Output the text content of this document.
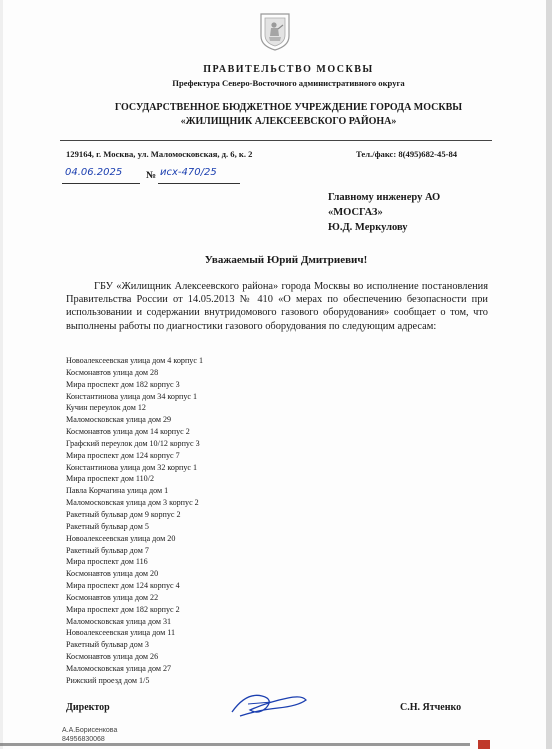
ПРАВИТЕЛЬСТВО МОСКВЫ
Префектура Северо-Восточного административного округа
ГОСУДАРСТВЕННОЕ БЮДЖЕТНОЕ УЧРЕЖДЕНИЕ ГОРОДА МОСКВЫ
«ЖИЛИЩНИК АЛЕКСЕЕВСКОГО РАЙОНА»
129164, г. Москва, ул. Маломосковская, д. 6, к. 2	Тел./факс: 8(495)682-45-84
04.06.2025 № исх-470/25
Главному инженеру АО
«МОСГАЗ»
Ю.Д. Меркулову
Уважаемый Юрий Дмитриевич!
ГБУ «Жилищник Алексеевского района» города Москвы во исполнение постановления Правительства России от 14.05.2013 № 410 «О мерах по обеспечению безопасности при использовании и содержании внутридомового газового оборудования» сообщает о том, что выполнены работы по диагностики газового оборудования по следующим адресам:
Новоалексеевская улица дом 4 корпус 1
Космонавтов улица дом 28
Мира проспект дом 182 корпус 3
Константинова улица дом 34 корпус 1
Кучин переулок дом 12
Маломосковская улица дом 29
Космонавтов улица дом 14 корпус 2
Графский переулок дом 10/12 корпус 3
Мира проспект дом 124 корпус 7
Константинова улица дом 32 корпус 1
Мира проспект дом 110/2
Павла Корчагина улица дом 1
Маломосковская улица дом 3 корпус 2
Ракетный бульвар дом 9 корпус 2
Ракетный бульвар дом 5
Новоалексеевская улица дом 20
Ракетный бульвар дом 7
Мира проспект дом 116
Космонавтов улица дом 20
Мира проспект дом 124 корпус 4
Космонавтов улица дом 22
Мира проспект дом 182 корпус 2
Маломосковская улица дом 31
Новоалексеевская улица дом 11
Ракетный бульвар дом 3
Космонавтов улица дом 26
Маломосковская улица дом 27
Рижский проезд дом 1/5
Директор	С.Н. Ятченко
А.А.Борисенкова
84956830068
